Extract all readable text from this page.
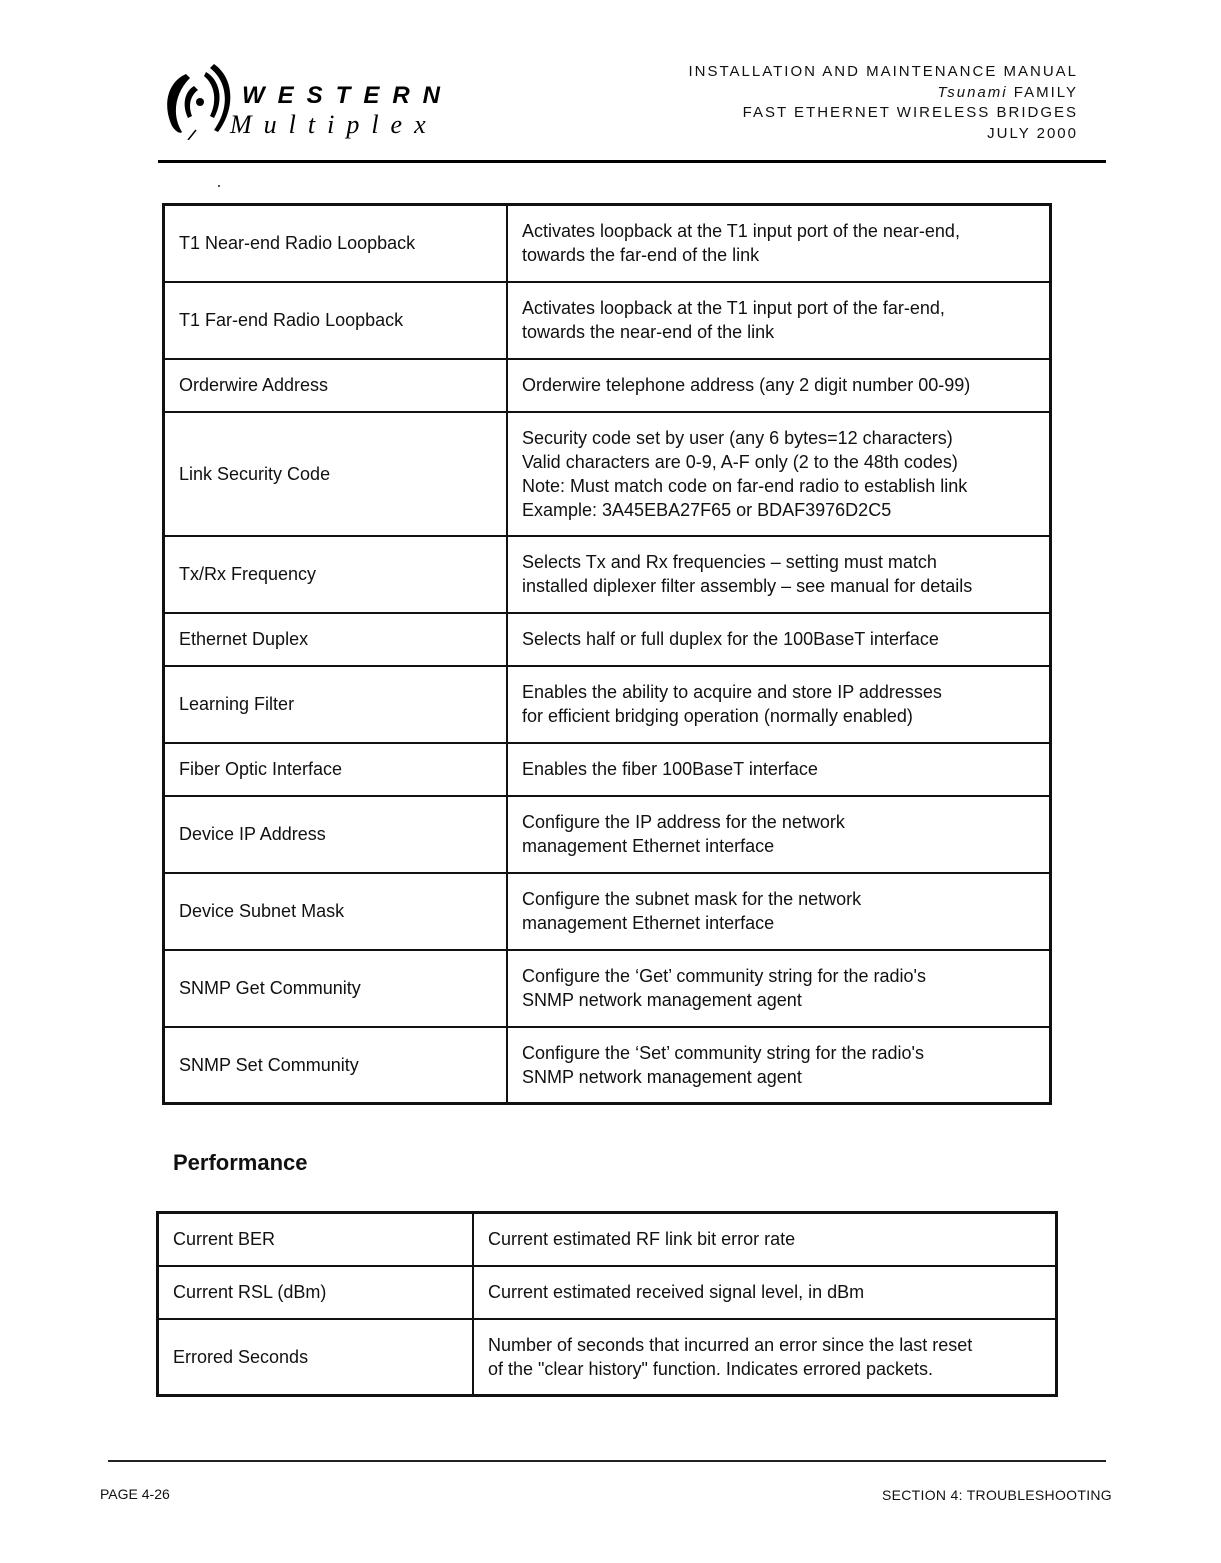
WESTERN
Multiplex
INSTALLATION AND MAINTENANCE MANUAL
Tsunami FAMILY
FAST ETHERNET WIRELESS BRIDGES
JULY 2000
T1 Near-end Radio Loopback	Activates loopback at the T1 input port of the near-end,
towards the far-end of the link

T1 Far-end Radio Loopback	Activates loopback at the T1 input port of the far-end,
towards the near-end of the link

Orderwire Address	Orderwire telephone address (any 2 digit number 00-99)

Link Security Code	Security code set by user (any 6 bytes=12 characters)
Valid characters are 0-9, A-F only (2 to the 48th codes)
Note: Must match code on far-end radio to establish link
Example: 3A45EBA27F65 or BDAF3976D2C5

Tx/Rx Frequency	Selects Tx and Rx frequencies – setting must match
installed diplexer filter assembly – see manual for details

Ethernet Duplex	Selects half or full duplex for the 100BaseT interface

Learning Filter	Enables the ability to acquire and store IP addresses
for efficient bridging operation (normally enabled)

Fiber Optic Interface	Enables the fiber 100BaseT interface

Device IP Address	Configure the IP address for the network
management Ethernet interface

Device Subnet Mask	Configure the subnet mask for the network
management Ethernet interface

SNMP Get Community	Configure the ‘Get’ community string for the radio's
SNMP network management agent

SNMP Set Community	Configure the ‘Set’ community string for the radio's
SNMP network management agent
Performance
Current BER	Current estimated RF link bit error rate

Current RSL (dBm)	Current estimated received signal level, in dBm

Errored Seconds	Number of seconds that incurred an error since the last reset
of the "clear history" function. Indicates errored packets.
PAGE 4-26	SECTION 4: TROUBLESHOOTING
